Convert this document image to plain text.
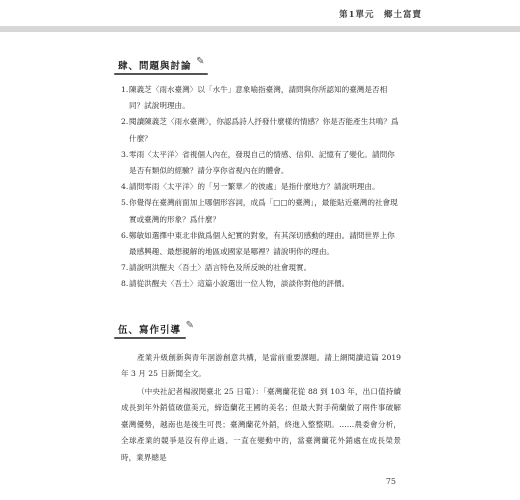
第1單元　鄉土富賣
肆、問題與討論 ✎
1. 陳義芝〈雨水臺灣〉以「水牛」意象喻指臺灣，請問與你所認知的臺灣是否相同？試說明理由。
2. 閱讀陳義芝〈雨水臺灣〉，你認爲詩人抒發什麼樣的情感？你是否能產生共鳴？爲什麼？
3. 零雨〈太平洋〉省視個人內在，發現自己的情感、信仰、記憶有了變化。請問你是否有類似的經驗？請分享你省視內在的體會。
4. 請問零雨〈太平洋〉的「另一繁華／的彼處」是指什麼地方？請說明理由。
5. 你覺得在臺灣前面加上哪個形容詞，成爲「□□的臺灣」，最能貼近臺灣的社會現實或臺灣的形象？爲什麼？
6. 鄭敏如選擇中東北非做爲個人紀實的對象，有其深切感動的理由。請問世界上你最感興趣、最想親解的地區或國家是哪裡？請說明你的理由。
7. 請說明洪醒夫〈吾土〉語言特色及所反映的社會現實。
8. 請從洪醒夫〈吾土〉這篇小說選出一位人物，談談你對他的評價。
伍、寫作引導 ✎

產業升級創新與青年洄游創意共構，是當前重要課題。請上網閱讀這篇 2019 年 3 月 25 日新聞全文。

（中央社記者楊淑閔臺北 25 日電）：「臺灣蘭花從 88 到 103 年，出口值持續成長到年外銷值破億美元，締造蘭花王國的美名；但最大對手荷蘭做了兩件事破解臺灣優勢，越南也是後生可畏；臺灣蘭花外銷，終進入整整期。……農委會分析，全球產業的競爭是沒有停止過、一直在變動中的，當臺灣蘭花外銷處在成長榮景時，業界總是

75
